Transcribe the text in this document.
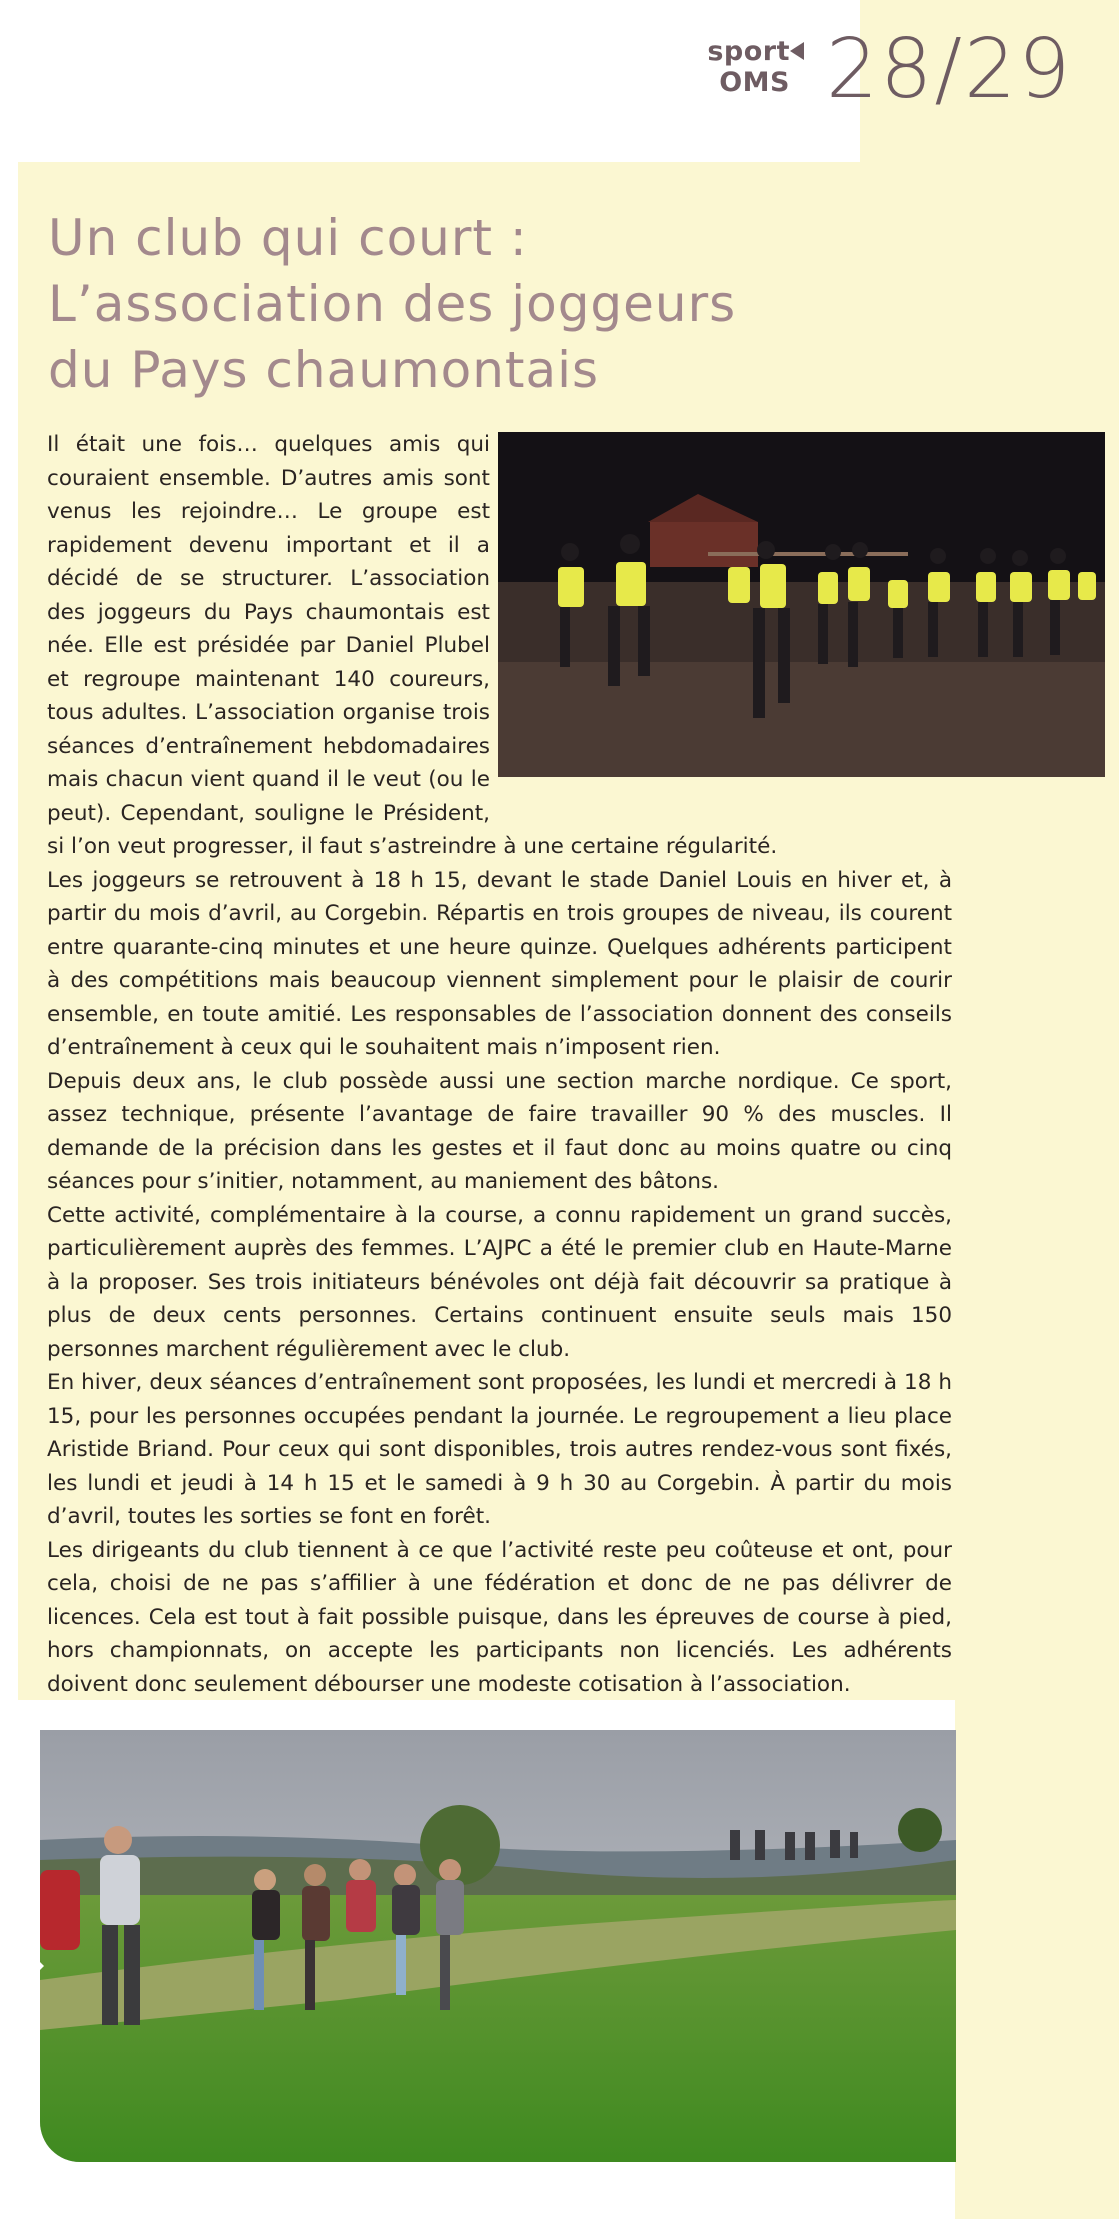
sport OMS 28/29
Un club qui court :
L’association des joggeurs
du Pays chaumontais

Il était une fois… quelques amis qui couraient ensemble. D’autres amis sont venus les rejoindre… Le groupe est rapidement devenu important et il a décidé de se structurer. L’association des joggeurs du Pays chaumontais est née. Elle est présidée par Daniel Plubel et regroupe maintenant 140 coureurs, tous adultes. L’association organise trois séances d’entraînement hebdomadaires mais chacun vient quand il le veut (ou le peut). Cependant, souligne le Président, si l’on veut progresser, il faut s’astreindre à une certaine régularité.

Les joggeurs se retrouvent à 18 h 15, devant le stade Daniel Louis en hiver et, à partir du mois d’avril, au Corgebin. Répartis en trois groupes de niveau, ils courent entre quarante-cinq minutes et une heure quinze. Quelques adhérents participent à des compétitions mais beaucoup viennent simplement pour le plaisir de courir ensemble, en toute amitié. Les responsables de l’association donnent des conseils d’entraînement à ceux qui le souhaitent mais n’imposent rien.

Depuis deux ans, le club possède aussi une section marche nordique. Ce sport, assez technique, présente l’avantage de faire travailler 90 % des muscles. Il demande de la précision dans les gestes et il faut donc au moins quatre ou cinq séances pour s’initier, notamment, au maniement des bâtons.

Cette activité, complémentaire à la course, a connu rapidement un grand succès, particulièrement auprès des femmes. L’AJPC a été le premier club en Haute-Marne à la proposer. Ses trois initiateurs bénévoles ont déjà fait découvrir sa pratique à plus de deux cents personnes. Certains continuent ensuite seuls mais 150 personnes marchent régulièrement avec le club.

En hiver, deux séances d’entraînement sont proposées, les lundi et mercredi à 18 h 15, pour les personnes occupées pendant la journée. Le regroupement a lieu place Aristide Briand. Pour ceux qui sont disponibles, trois autres rendez-vous sont fixés, les lundi et jeudi à 14 h 15 et le samedi à 9 h 30 au Corgebin. À partir du mois d’avril, toutes les sorties se font en forêt.

Les dirigeants du club tiennent à ce que l’activité reste peu coûteuse et ont, pour cela, choisi de ne pas s’affilier à une fédération et donc de ne pas délivrer de licences. Cela est tout à fait possible puisque, dans les épreuves de course à pied, hors championnats, on accepte les participants non licenciés. Les adhérents doivent donc seulement débourser une modeste cotisation à l’association.
